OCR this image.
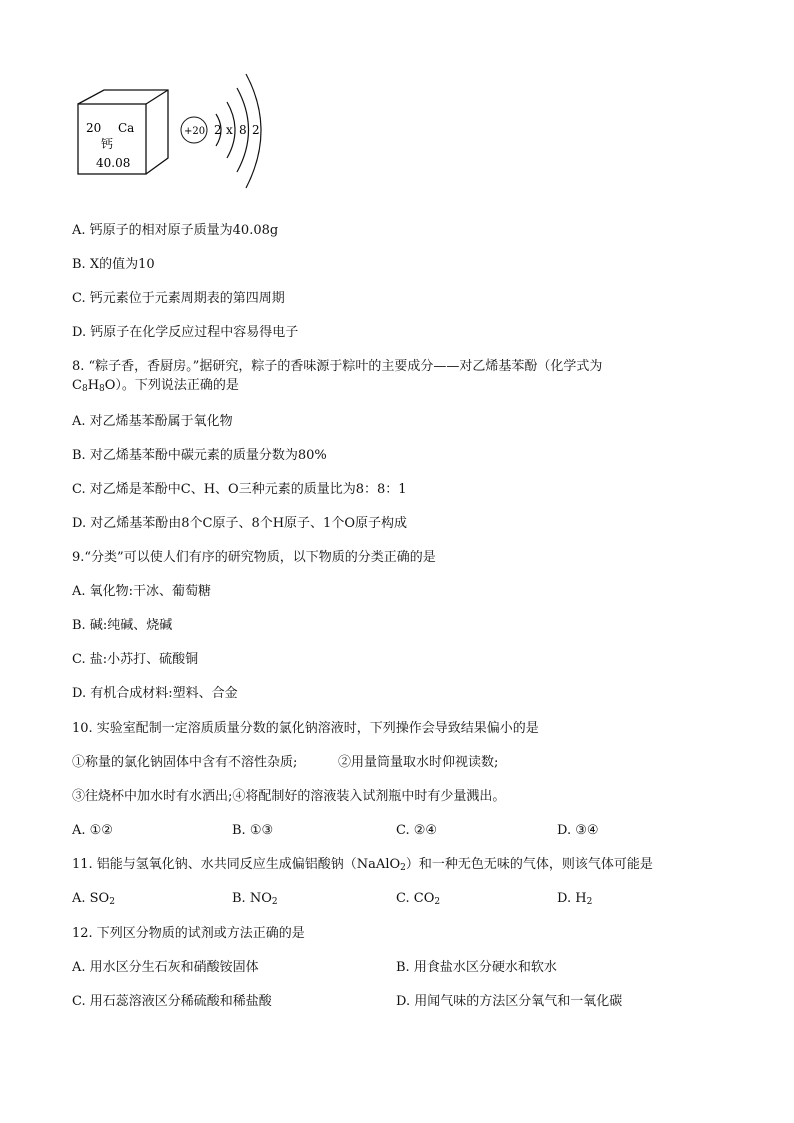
20 Ca
钙
40.08
+20 2 x 8 2
A. 钙原子的相对原子质量为40.08g
B. X的值为10
C. 钙元素位于元素周期表的第四周期
D. 钙原子在化学反应过程中容易得电子
8. “粽子香，香厨房。”据研究，粽子的香味源于粽叶的主要成分——对乙烯基苯酚（化学式为
$C_8H_8O$）。下列说法正确的是
A. 对乙烯基苯酚属于氧化物
B. 对乙烯基苯酚中碳元素的质量分数为80%
C. 对乙烯是苯酚中C、H、O三种元素的质量比为8：8：1
D. 对乙烯基苯酚由8个C原子、8个H原子、1个O原子构成
9.“分类”可以使人们有序的研究物质，以下物质的分类正确的是
A. 氧化物:干冰、葡萄糖
B. 碱:纯碱、烧碱
C. 盐:小苏打、硫酸铜
D. 有机合成材料:塑料、合金
10. 实验室配制一定溶质质量分数的氯化钠溶液时，下列操作会导致结果偏小的是
①称量的氯化钠固体中含有不溶性杂质;	②用量筒量取水时仰视读数;
③往烧杯中加水时有水洒出;④将配制好的溶液装入试剂瓶中时有少量溅出。
A. ①②	B. ①③	C. ②④	D. ③④
11. 铝能与氢氧化钠、水共同反应生成偏铝酸钠（NaAlO$_2$）和一种无色无味的气体，则该气体可能是
A. $SO_2$	B. $NO_2$	C. $CO_2$	D. $H_2$
12. 下列区分物质的试剂或方法正确的是
A. 用水区分生石灰和硝酸铵固体	B. 用食盐水区分硬水和软水
C. 用石蕊溶液区分稀硫酸和稀盐酸	D. 用闻气味的方法区分氧气和一氧化碳
